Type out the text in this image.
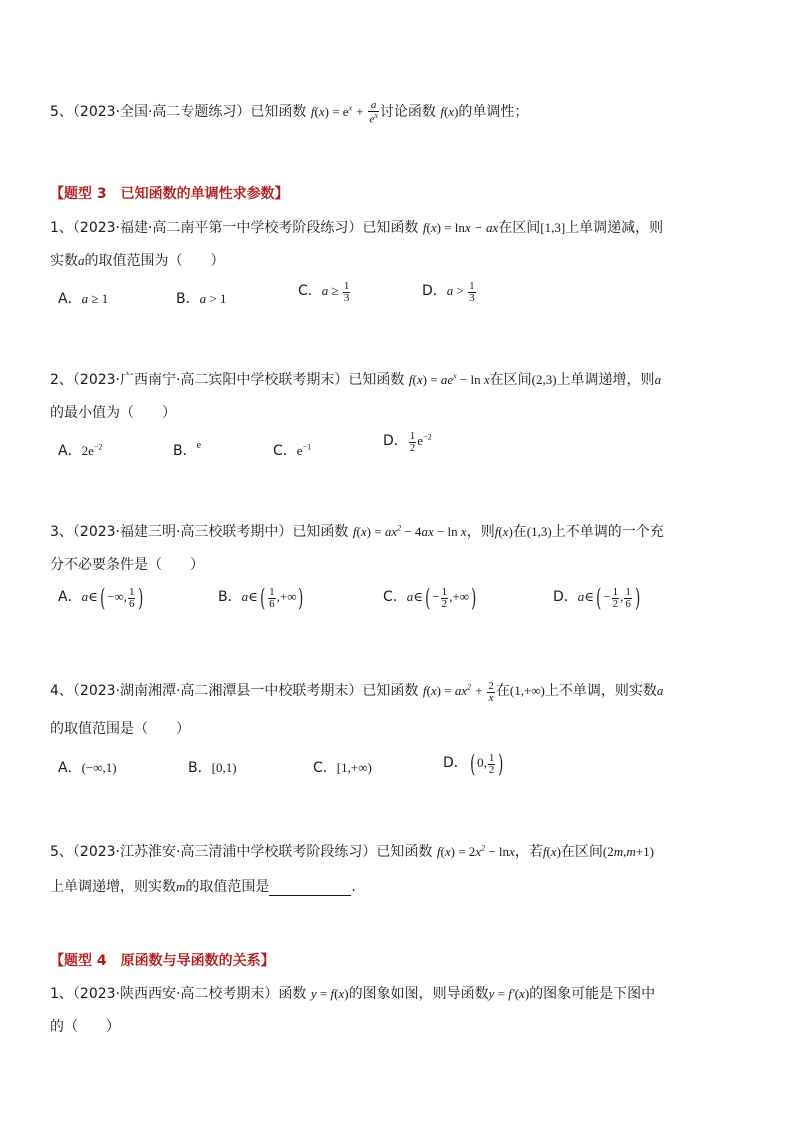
5、（2023·全国·高二专题练习）已知函数 $f(x) = e^x + \frac{a}{e^x}$ 讨论函数 f(x)的单调性；
【题型 3　已知函数的单调性求参数】
1、（2023·福建·高二南平第一中学校考阶段练习）已知函数 f(x) = lnx − ax在区间[1,3]上单调递减，则
实数a的取值范围为（　　）
A．a ≥ 1	B．a > 1	C．$a \ge \frac{1}{3}$	D．$a > \frac{1}{3}$
2、（2023·广西南宁·高二宾阳中学校联考期末）已知函数 $f(x) = ae^x - \ln x$在区间(2,3)上单调递增，则a
的最小值为（　　）
A．$2e^{-2}$	B．$^e$	C．$e^{-1}$	D． $\frac{1}{2} e^{-2}$
3、（2023·福建三明·高三校联考期中）已知函数 $f(x) = ax^2 - 4ax - \ln x$，则f(x)在(1,3)上不单调的一个充
分不必要条件是（　　）
A．a∈( −∞, $\frac{1}{6}$ )	B．a∈( $\frac{1}{6}$ ,+∞)	C．a∈( − $\frac{1}{2}$ ,+∞)	D．a∈( − $\frac{1}{2}$ , $\frac{1}{6}$ )
4、（2023·湖南湘潭·高二湘潭县一中校联考期末）已知函数 $f(x) = ax^2 + \frac{2}{x}$ 在(1,+∞)上不单调，则实数a
的取值范围是（　　）
A．(−∞,1)	B．[0,1)	C．[1,+∞)	D．( 0, $\frac{1}{2}$ )
5、（2023·江苏淮安·高三清浦中学校联考阶段练习）已知函数 $f(x) = 2x^2 - \ln x$，若f(x)在区间(2m,m+1)
上单调递增，则实数m的取值范围是	.
【题型 4　原函数与导函数的关系】
1、（2023·陕西西安·高二校考期末）函数 y = f(x)的图象如图，则导函数y = f′(x)的图象可能是下图中
的（　　）
